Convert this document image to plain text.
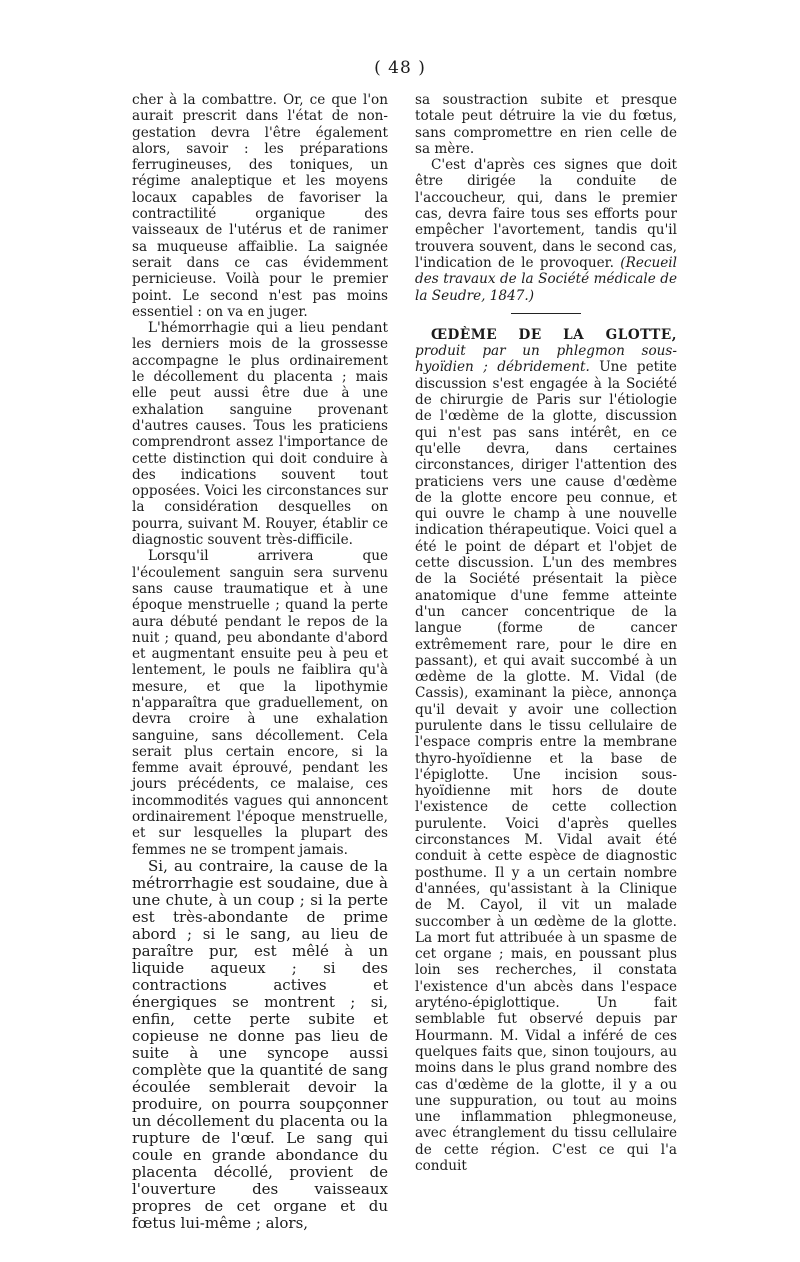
( 48 )

cher à la combattre. Or, ce que l'on aurait prescrit dans l'état de non-gestation devra l'être également alors, savoir : les préparations ferrugineuses, des toniques, un régime analeptique et les moyens locaux capables de favoriser la contractilité organique des vaisseaux de l'utérus et de ranimer sa muqueuse affaiblie. La saignée serait dans ce cas évidemment pernicieuse. Voilà pour le premier point. Le second n'est pas moins essentiel : on va en juger.

L'hémorrhagie qui a lieu pendant les derniers mois de la grossesse accompagne le plus ordinairement le décollement du placenta ; mais elle peut aussi être due à une exhalation sanguine provenant d'autres causes. Tous les praticiens comprendront assez l'importance de cette distinction qui doit conduire à des indications souvent tout opposées. Voici les circonstances sur la considération desquelles on pourra, suivant M. Rouyer, établir ce diagnostic souvent très-difficile.

Lorsqu'il arrivera que l'écoulement sanguin sera survenu sans cause traumatique et à une époque menstruelle ; quand la perte aura débuté pendant le repos de la nuit ; quand, peu abondante d'abord et augmentant ensuite peu à peu et lentement, le pouls ne faiblira qu'à mesure, et que la lipothymie n'apparaîtra que graduellement, on devra croire à une exhalation sanguine, sans décollement. Cela serait plus certain encore, si la femme avait éprouvé, pendant les jours précédents, ce malaise, ces incommodités vagues qui annoncent ordinairement l'époque menstruelle, et sur lesquelles la plupart des femmes ne se trompent jamais.

Si, au contraire, la cause de la métrorrhagie est soudaine, due à une chute, à un coup ; si la perte est très-abondante de prime abord ; si le sang, au lieu de paraître pur, est mêlé à un liquide aqueux ; si des contractions actives et énergiques se montrent ; si, enfin, cette perte subite et copieuse ne donne pas lieu de suite à une syncope aussi complète que la quantité de sang écoulée semblerait devoir la produire, on pourra soupçonner un décollement du placenta ou la rupture de l'œuf. Le sang qui coule en grande abondance du placenta décollé, provient de l'ouverture des vaisseaux propres de cet organe et du fœtus lui-même ; alors,

sa soustraction subite et presque totale peut détruire la vie du fœtus, sans compromettre en rien celle de sa mère.

C'est d'après ces signes que doit être dirigée la conduite de l'accoucheur, qui, dans le premier cas, devra faire tous ses efforts pour empêcher l'avortement, tandis qu'il trouvera souvent, dans le second cas, l'indication de le provoquer. (Recueil des travaux de la Société médicale de la Seudre, 1847.)

ŒDÈME DE LA GLOTTE, produit par un phlegmon sous-hyoïdien ; débridement. Une petite discussion s'est engagée à la Société de chirurgie de Paris sur l'étiologie de l'œdème de la glotte, discussion qui n'est pas sans intérêt, en ce qu'elle devra, dans certaines circonstances, diriger l'attention des praticiens vers une cause d'œdème de la glotte encore peu connue, et qui ouvre le champ à une nouvelle indication thérapeutique. Voici quel a été le point de départ et l'objet de cette discussion. L'un des membres de la Société présentait la pièce anatomique d'une femme atteinte d'un cancer concentrique de la langue (forme de cancer extrêmement rare, pour le dire en passant), et qui avait succombé à un œdème de la glotte. M. Vidal (de Cassis), examinant la pièce, annonça qu'il devait y avoir une collection purulente dans le tissu cellulaire de l'espace compris entre la membrane thyro-hyoïdienne et la base de l'épiglotte. Une incision sous-hyoïdienne mit hors de doute l'existence de cette collection purulente. Voici d'après quelles circonstances M. Vidal avait été conduit à cette espèce de diagnostic posthume. Il y a un certain nombre d'années, qu'assistant à la Clinique de M. Cayol, il vit un malade succomber à un œdème de la glotte. La mort fut attribuée à un spasme de cet organe ; mais, en poussant plus loin ses recherches, il constata l'existence d'un abcès dans l'espace aryténo-épiglottique. Un fait semblable fut observé depuis par Hourmann. M. Vidal a inféré de ces quelques faits que, sinon toujours, au moins dans le plus grand nombre des cas d'œdème de la glotte, il y a ou une suppuration, ou tout au moins une inflammation phlegmoneuse, avec étranglement du tissu cellulaire de cette région. C'est ce qui l'a conduit
